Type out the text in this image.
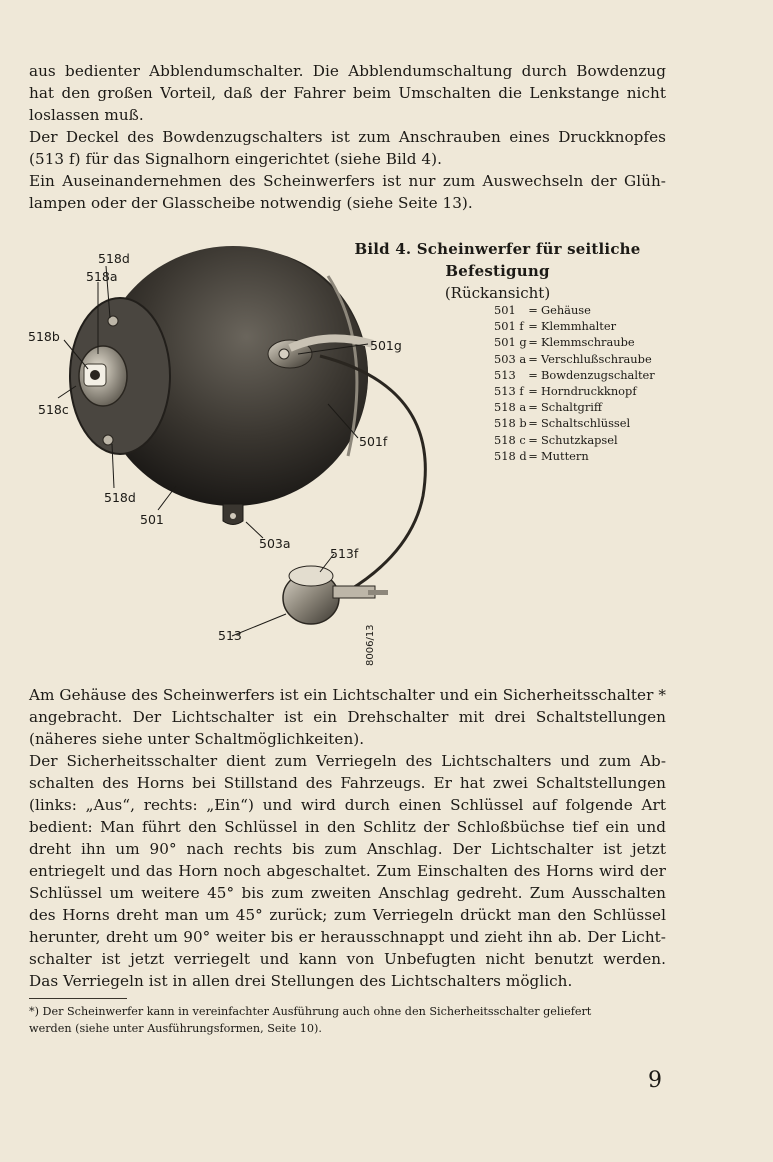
aus bedienter Abblendumschalter. Die Abblendumschaltung durch Bowdenzug
hat den großen Vorteil, daß der Fahrer beim Umschalten die Lenkstange nicht
loslassen muß.
Der Deckel des Bowdenzugschalters ist zum Anschrauben eines Druckknopfes
(513 f) für das Signalhorn eingerichtet (siehe Bild 4).
Ein Auseinandernehmen des Scheinwerfers ist nur zum Auswechseln der Glüh-
lampen oder der Glasscheibe notwendig (siehe Seite 13).
518d
518a
518b
518c
518d
501
501g
501f
503a
513f
513	8006/13
Bild 4. Scheinwerfer für seitliche Befestigung
(Rückansicht)
501	= Gehäuse
501 f = Klemmhalter
501 g = Klemmschraube
503 a = Verschlußschraube
513	= Bowdenzugschalter
513 f = Horndruckknopf
518 a = Schaltgriff
518 b = Schaltschlüssel
518 c = Schutzkapsel
518 d = Muttern
Am Gehäuse des Scheinwerfers ist ein Lichtschalter und ein Sicherheitsschalter *
angebracht. Der Lichtschalter ist ein Drehschalter mit drei Schaltstellungen
(näheres siehe unter Schaltmöglichkeiten).
Der Sicherheitsschalter dient zum Verriegeln des Lichtschalters und zum Ab-
schalten des Horns bei Stillstand des Fahrzeugs. Er hat zwei Schaltstellungen
(links: „Aus“, rechts: „Ein“) und wird durch einen Schlüssel auf folgende Art
bedient: Man führt den Schlüssel in den Schlitz der Schloßbüchse tief ein und
dreht ihn um 90° nach rechts bis zum Anschlag. Der Lichtschalter ist jetzt
entriegelt und das Horn noch abgeschaltet. Zum Einschalten des Horns wird der
Schlüssel um weitere 45° bis zum zweiten Anschlag gedreht. Zum Ausschalten
des Horns dreht man um 45° zurück; zum Verriegeln drückt man den Schlüssel
herunter, dreht um 90° weiter bis er herausschnappt und zieht ihn ab. Der Licht-
schalter ist jetzt verriegelt und kann von Unbefugten nicht benutzt werden.
Das Verriegeln ist in allen drei Stellungen des Lichtschalters möglich.
*) Der Scheinwerfer kann in vereinfachter Ausführung auch ohne den Sicherheitsschalter geliefert
werden (siehe unter Ausführungsformen, Seite 10).
9
